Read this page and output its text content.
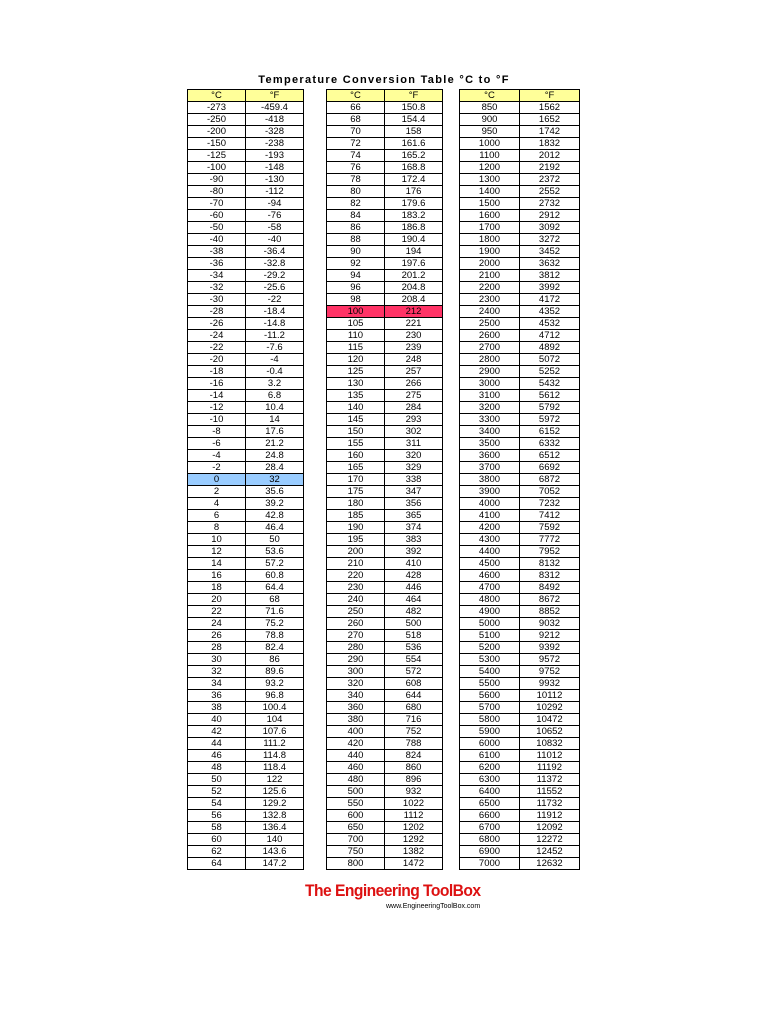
Temperature Conversion Table °C to °F
°C	°F
-273	-459.4
-250	-418
-200	-328
-150	-238
-125	-193
-100	-148
-90	-130
-80	-112
-70	-94
-60	-76
-50	-58
-40	-40
-38	-36.4
-36	-32.8
-34	-29.2
-32	-25.6
-30	-22
-28	-18.4
-26	-14.8
-24	-11.2
-22	-7.6
-20	-4
-18	-0.4
-16	3.2
-14	6.8
-12	10.4
-10	14
-8	17.6
-6	21.2
-4	24.8
-2	28.4
0	32
2	35.6
4	39.2
6	42.8
8	46.4
10	50
12	53.6
14	57.2
16	60.8
18	64.4
20	68
22	71.6
24	75.2
26	78.8
28	82.4
30	86
32	89.6
34	93.2
36	96.8
38	100.4
40	104
42	107.6
44	111.2
46	114.8
48	118.4
50	122
52	125.6
54	129.2
56	132.8
58	136.4
60	140
62	143.6
64	147.2
°C	°F
66	150.8
68	154.4
70	158
72	161.6
74	165.2
76	168.8
78	172.4
80	176
82	179.6
84	183.2
86	186.8
88	190.4
90	194
92	197.6
94	201.2
96	204.8
98	208.4
100	212
105	221
110	230
115	239
120	248
125	257
130	266
135	275
140	284
145	293
150	302
155	311
160	320
165	329
170	338
175	347
180	356
185	365
190	374
195	383
200	392
210	410
220	428
230	446
240	464
250	482
260	500
270	518
280	536
290	554
300	572
320	608
340	644
360	680
380	716
400	752
420	788
440	824
460	860
480	896
500	932
550	1022
600	1112
650	1202
700	1292
750	1382
800	1472
°C	°F
850	1562
900	1652
950	1742
1000	1832
1100	2012
1200	2192
1300	2372
1400	2552
1500	2732
1600	2912
1700	3092
1800	3272
1900	3452
2000	3632
2100	3812
2200	3992
2300	4172
2400	4352
2500	4532
2600	4712
2700	4892
2800	5072
2900	5252
3000	5432
3100	5612
3200	5792
3300	5972
3400	6152
3500	6332
3600	6512
3700	6692
3800	6872
3900	7052
4000	7232
4100	7412
4200	7592
4300	7772
4400	7952
4500	8132
4600	8312
4700	8492
4800	8672
4900	8852
5000	9032
5100	9212
5200	9392
5300	9572
5400	9752
5500	9932
5600	10112
5700	10292
5800	10472
5900	10652
6000	10832
6100	11012
6200	11192
6300	11372
6400	11552
6500	11732
6600	11912
6700	12092
6800	12272
6900	12452
7000	12632
The Engineering ToolBox
www.EngineeringToolBox.com
